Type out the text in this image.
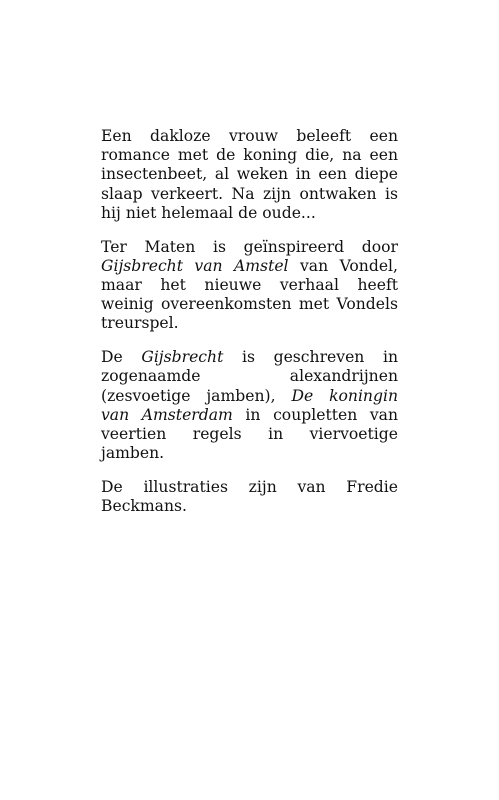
Een dakloze vrouw beleeft een romance met de koning die, na een insectenbeet, al weken in een diepe slaap verkeert. Na zijn ontwaken is hij niet helemaal de oude...

Ter Maten is geïnspireerd door Gijsbrecht van Amstel van Vondel, maar het nieuwe verhaal heeft weinig overeenkomsten met Vondels treurspel.

De Gijsbrecht is geschreven in zogenaamde alexandrijnen (zesvoetige jamben), De koningin van Amsterdam in coupletten van veertien regels in viervoetige jamben.

De illustraties zijn van Fredie Beckmans.
